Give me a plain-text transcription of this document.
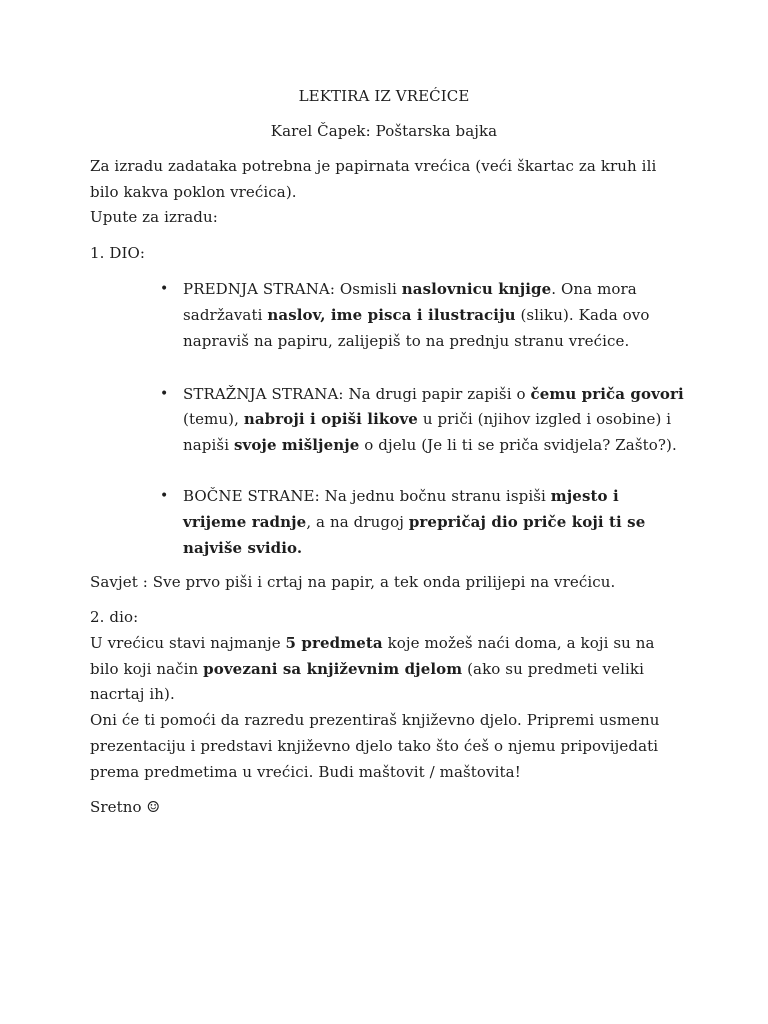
LEKTIRA IZ VREĆICE
Karel Čapek: Poštarska bajka
Za izradu zadataka potrebna je papirnata vrećica (veći škartac za kruh ili
bilo kakva poklon vrećica).
Upute za izradu:
1. DIO:
• PREDNJA STRANA: Osmisli naslovnicu knjige. Ona mora
sadržavati naslov, ime pisca i ilustraciju (sliku). Kada ovo
napraviš na papiru, zalijepiš to na prednju stranu vrećice.
• STRAŽNJA STRANA: Na drugi papir zapiši o čemu priča govori
(temu), nabroji i opiši likove u priči (njihov izgled i osobine) i
napiši svoje mišljenje o djelu (Je li ti se priča svidjela? Zašto?).
• BOČNE STRANE: Na jednu bočnu stranu ispiši mjesto i
vrijeme radnje, a na drugoj prepričaj dio priče koji ti se
najviše svidio.
Savjet : Sve prvo piši i crtaj na papir, a tek onda prilijepi na vrećicu.
2. dio:
U vrećicu stavi najmanje 5 predmeta koje možeš naći doma, a koji su na
bilo koji način povezani sa književnim djelom (ako su predmeti veliki
nacrtaj ih).
Oni će ti pomoći da razredu prezentiraš književno djelo. Pripremi usmenu
prezentaciju i predstavi književno djelo tako što ćeš o njemu pripovijedati
prema predmetima u vrećici. Budi maštovit / maštovita!
Sretno ☺
